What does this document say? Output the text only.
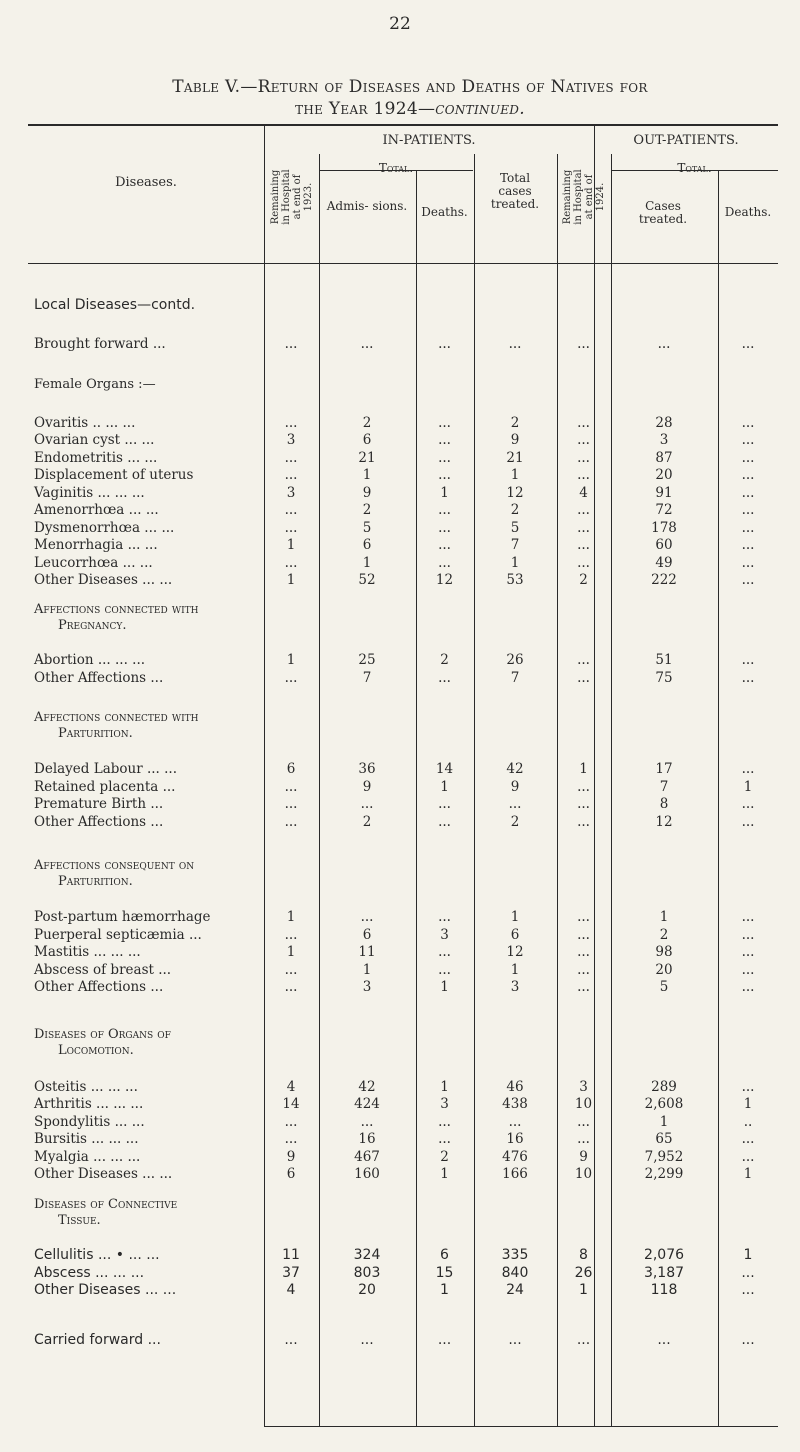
22
Table V.—Return of Diseases and Deaths of Natives for
the Year 1924—continued.
IN-PATIENTS.	OUT-PATIENTS.
Diseases.	Remaining in Hospital at end of 1923.
Total.
Admis- sions.	Deaths.
Total cases treated.	Remaining in Hospital at end of 1924.
Total.
Cases treated.	Deaths.
Local Diseases—contd.
Female Organs :—
Affections connected with
Pregnancy.
Affections connected with
Parturition.
Affections consequent on
Parturition.
Diseases of Organs of
Locomotion.
Diseases of Connective
Tissue.
Brought forward ...	...	...	...	...	...	...	...
Ovaritis .. ... ...	...	2	...	2	...	28	...
Ovarian cyst ... ...	3	6	...	9	...	3	...
Endometritis ... ...	...	21	...	21	...	87	...
Displacement of uterus	...	1	...	1	...	20	...
Vaginitis ... ... ...	3	9	1	12	4	91	...
Amenorrhœa ... ...	...	2	...	2	...	72	...
Dysmenorrhœa ... ...	...	5	...	5	...	178	...
Menorrhagia ... ...	1	6	...	7	...	60	...
Leucorrhœa ... ...	...	1	...	1	...	49	...
Other Diseases ... ...	1	52	12	53	2	222	...
Abortion ... ... ...	1	25	2	26	...	51	...
Other Affections ...	...	7	...	7	...	75	...
Delayed Labour ... ...	6	36	14	42	1	17	...
Retained placenta ...	...	9	1	9	...	7	1
Premature Birth ...	...	...	...	...	...	8	...
Other Affections ...	...	2	...	2	...	12	...
Post-partum hæmorrhage	1	...	...	1	...	1	...
Puerperal septicæmia ...	...	6	3	6	...	2	...
Mastitis ... ... ...	1	11	...	12	...	98	...
Abscess of breast ...	...	1	...	1	...	20	...
Other Affections ...	...	3	1	3	...	5	...
Osteitis ... ... ...	4	42	1	46	3	289	...
Arthritis ... ... ...	14	424	3	438	10	2,608	1
Spondylitis ... ...	...	...	...	...	...	1	..
Bursitis ... ... ...	...	16	...	16	...	65	...
Myalgia ... ... ...	9	467	2	476	9	7,952	...
Other Diseases ... ...	6	160	1	166	10	2,299	1
Cellulitis ... • ... ...	11	324	6	335	8	2,076	1
Abscess ... ... ...	37	803	15	840	26	3,187	...
Other Diseases ... ...	4	20	1	24	1	118	...
Carried forward ...	...	...	...	...	...	...	...
